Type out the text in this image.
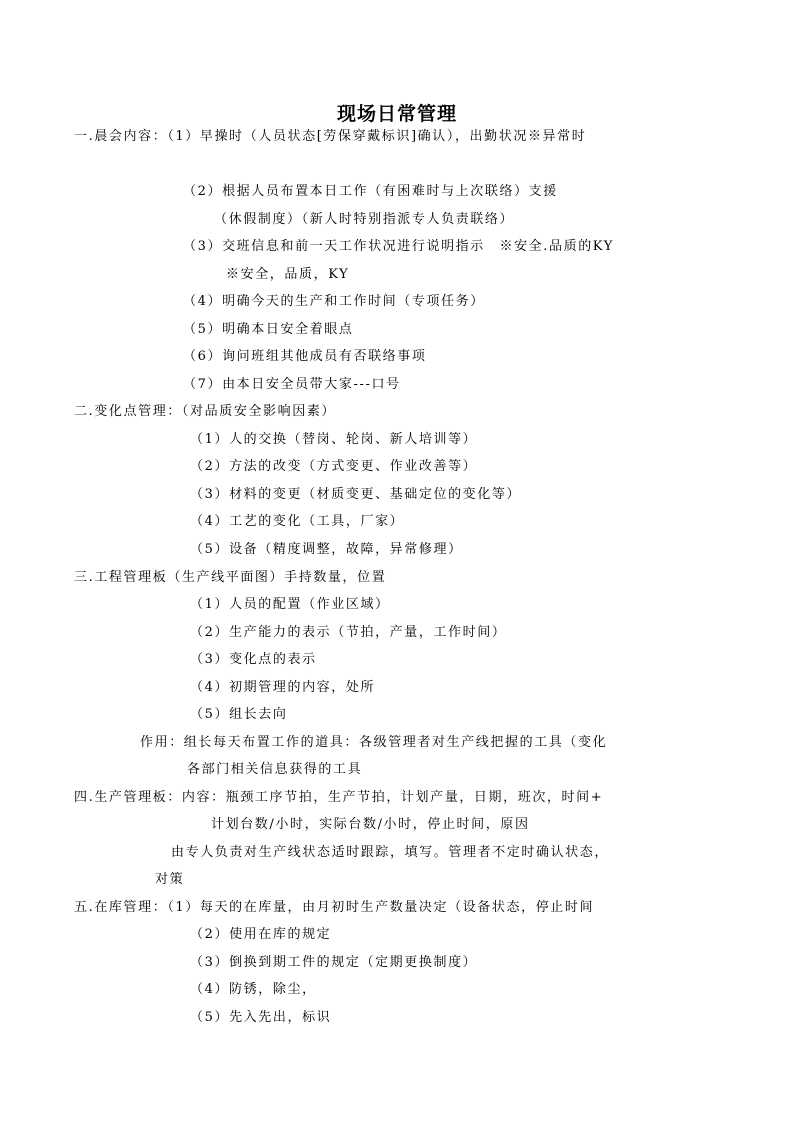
现场日常管理
一.晨会内容：（1）早操时（人员状态[劳保穿戴标识]确认），出勤状况※异常时
（2）根据人员布置本日工作（有困难时与上次联络）支援
（休假制度）（新人时特别指派专人负责联络）
（3）交班信息和前一天工作状况进行说明指示　※安全.品质的KY
※安全，品质，KY
（4）明确今天的生产和工作时间（专项任务）
（5）明确本日安全着眼点
（6）询问班组其他成员有否联络事项
（7）由本日安全员带大家---口号
二.变化点管理：（对品质安全影响因素）
（1）人的交换（替岗、轮岗、新人培训等）
（2）方法的改变（方式变更、作业改善等）
（3）材料的变更（材质变更、基础定位的变化等）
（4）工艺的变化（工具，厂家）
（5）设备（精度调整，故障，异常修理）
三.工程管理板（生产线平面图）手持数量，位置
（1）人员的配置（作业区域）
（2）生产能力的表示（节拍，产量，工作时间）
（3）变化点的表示
（4）初期管理的内容，处所
（5）组长去向
作用：组长每天布置工作的道具：各级管理者对生产线把握的工具（变化
各部门相关信息获得的工具
四.生产管理板：内容：瓶颈工序节拍，生产节拍，计划产量，日期，班次，时间+
计划台数/小时，实际台数/小时，停止时间，原因
由专人负责对生产线状态适时跟踪，填写。管理者不定时确认状态，
对策
五.在库管理：（1）每天的在库量，由月初时生产数量决定（设备状态，停止时间
（2）使用在库的规定
（3）倒换到期工件的规定（定期更换制度）
（4）防锈，除尘，
（5）先入先出，标识
